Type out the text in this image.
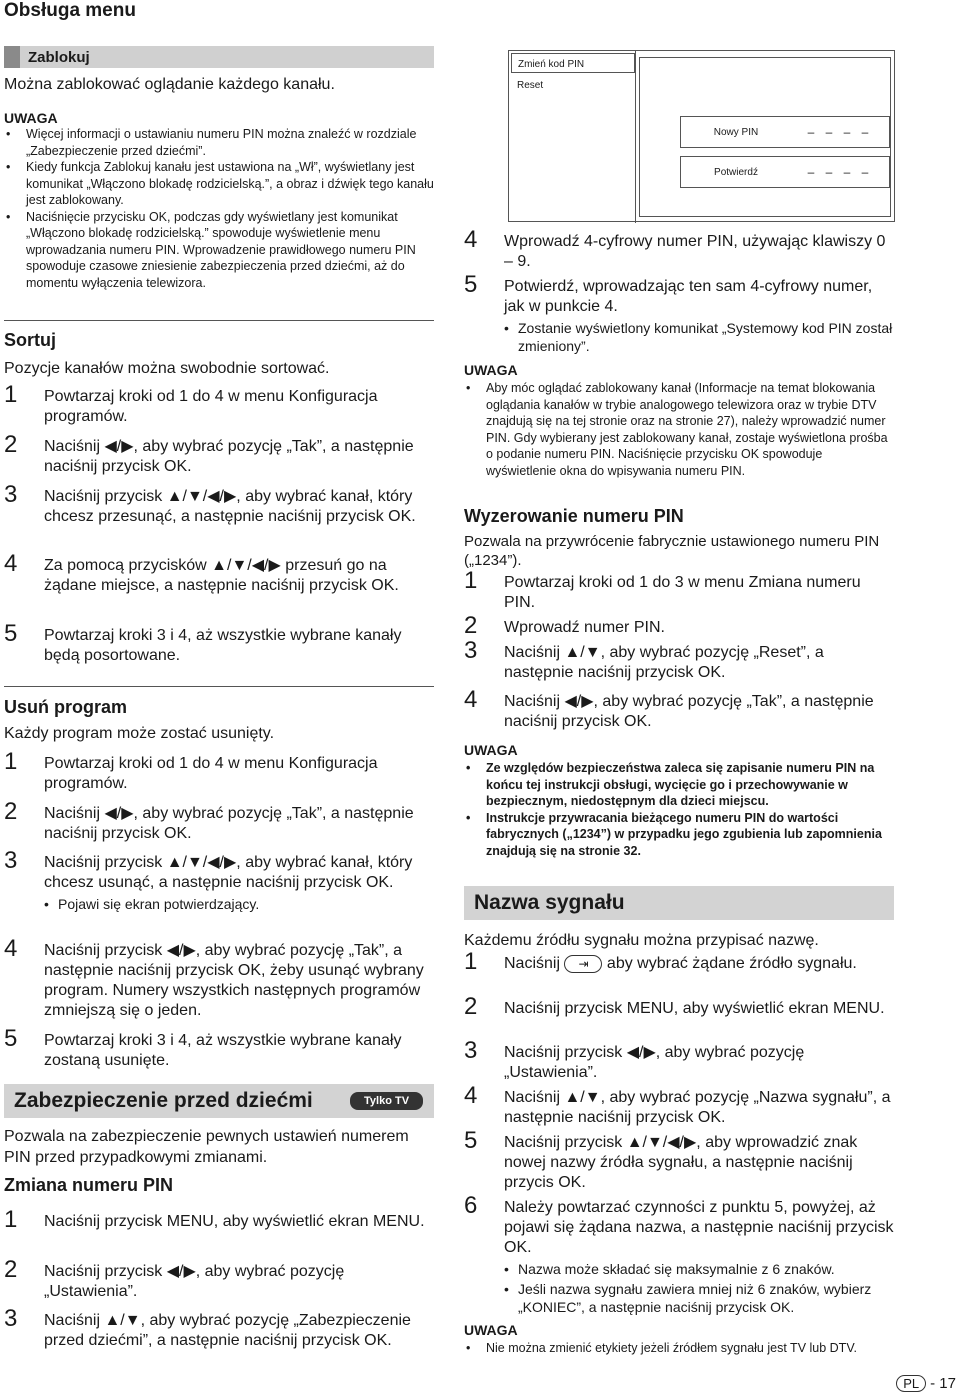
Obsługa menu
Zablokuj
Można zablokować oglądanie każdego kanału.
UWAGA
• Więcej informacji o ustawianiu numeru PIN można znaleźć w rozdziale „Zabezpieczenie przed dziećmi”.
• Kiedy funkcja Zablokuj kanału jest ustawiona na „Wł”, wyświetlany jest komunikat „Włączono blokadę rodzicielską.”, a obraz i dźwięk tego kanału jest zablokowany.
• Naciśnięcie przycisku OK, podczas gdy wyświetlany jest komunikat „Włączono blokadę rodzicielską.” spowoduje wyświetlenie menu wprowadzania numeru PIN. Wprowadzenie prawidłowego numeru PIN spowoduje czasowe zniesienie zabezpieczenia przed dziećmi, aż do momentu wyłączenia telewizora.
Sortuj
Pozycje kanałów można swobodnie sortować.
1 Powtarzaj kroki od 1 do 4 w menu Konfiguracja programów.
2 Naciśnij ◀/▶, aby wybrać pozycję „Tak”, a następnie naciśnij przycisk OK.
3 Naciśnij przycisk ▲/▼/◀/▶, aby wybrać kanał, który chcesz przesunąć, a następnie naciśnij przycisk OK.
4 Za pomocą przycisków ▲/▼/◀/▶ przesuń go na żądane miejsce, a następnie naciśnij przycisk OK.
5 Powtarzaj kroki 3 i 4, aż wszystkie wybrane kanały będą posortowane.
Usuń program
Każdy program może zostać usunięty.
1 Powtarzaj kroki od 1 do 4 w menu Konfiguracja programów.
2 Naciśnij ◀/▶, aby wybrać pozycję „Tak”, a następnie naciśnij przycisk OK.
3 Naciśnij przycisk ▲/▼/◀/▶, aby wybrać kanał, który chcesz usunąć, a następnie naciśnij przycisk OK.
• Pojawi się ekran potwierdzający.
4 Naciśnij przycisk ◀/▶, aby wybrać pozycję „Tak”, a następnie naciśnij przycisk OK, żeby usunąć wybrany program. Numery wszystkich następnych programów zmniejszą się o jeden.
5 Powtarzaj kroki 3 i 4, aż wszystkie wybrane kanały zostaną usunięte.
Zabezpieczenie przed dziećmi	Tylko TV
Pozwala na zabezpieczenie pewnych ustawień numerem PIN przed przypadkowymi zmianami.
Zmiana numeru PIN
1 Naciśnij przycisk MENU, aby wyświetlić ekran MENU.
2 Naciśnij przycisk ◀/▶, aby wybrać pozycję „Ustawienia”.
3 Naciśnij ▲/▼, aby wybrać pozycję „Zabezpieczenie przed dziećmi”, a następnie naciśnij przycisk OK.
Zmień kod PIN
Reset
Nowy PIN	– – – –
Potwierdź	– – – –
4 Wprowadź 4-cyfrowy numer PIN, używając klawiszy 0 – 9.
5 Potwierdź, wprowadzając ten sam 4-cyfrowy numer, jak w punkcie 4.
• Zostanie wyświetlony komunikat „Systemowy kod PIN został zmieniony”.
UWAGA
• Aby móc oglądać zablokowany kanał (Informacje na temat blokowania oglądania kanałów w trybie analogowego telewizora oraz w trybie DTV znajdują się na tej stronie oraz na stronie 27), należy wprowadzić numer PIN. Gdy wybierany jest zablokowany kanał, zostaje wyświetlona prośba o podanie numeru PIN. Naciśnięcie przycisku OK spowoduje wyświetlenie okna do wpisywania numeru PIN.
Wyzerowanie numeru PIN
Pozwala na przywrócenie fabrycznie ustawionego numeru PIN („1234”).
1 Powtarzaj kroki od 1 do 3 w menu Zmiana numeru PIN.
2 Wprowadź numer PIN.
3 Naciśnij ▲/▼, aby wybrać pozycję „Reset”, a następnie naciśnij przycisk OK.
4 Naciśnij ◀/▶, aby wybrać pozycję „Tak”, a następnie naciśnij przycisk OK.
UWAGA
• Ze względów bezpieczeństwa zaleca się zapisanie numeru PIN na końcu tej instrukcji obsługi, wycięcie go i przechowywanie w bezpiecznym, niedostępnym dla dzieci miejscu.
• Instrukcje przywracania bieżącego numeru PIN do wartości fabrycznych („1234”) w przypadku jego zgubienia lub zapomnienia znajdują się na stronie 32.
Nazwa sygnału
Każdemu źródłu sygnału można przypisać nazwę.
1 Naciśnij ⇥ aby wybrać żądane źródło sygnału.
2 Naciśnij przycisk MENU, aby wyświetlić ekran MENU.
3 Naciśnij przycisk ◀/▶, aby wybrać pozycję „Ustawienia”.
4 Naciśnij ▲/▼, aby wybrać pozycję „Nazwa sygnału”, a następnie naciśnij przycisk OK.
5 Naciśnij przycisk ▲/▼/◀/▶, aby wprowadzić znak nowej nazwy źródła sygnału, a następnie naciśnij przycis OK.
6 Należy powtarzać czynności z punktu 5, powyżej, aż pojawi się żądana nazwa, a następnie naciśnij przycisk OK.
• Nazwa może składać się maksymalnie z 6 znaków.
• Jeśli nazwa sygnału zawiera mniej niż 6 znaków, wybierz „KONIEC”, a następnie naciśnij przycisk OK.
UWAGA
• Nie można zmienić etykiety jeżeli źródłem sygnału jest TV lub DTV.
PL - 17
